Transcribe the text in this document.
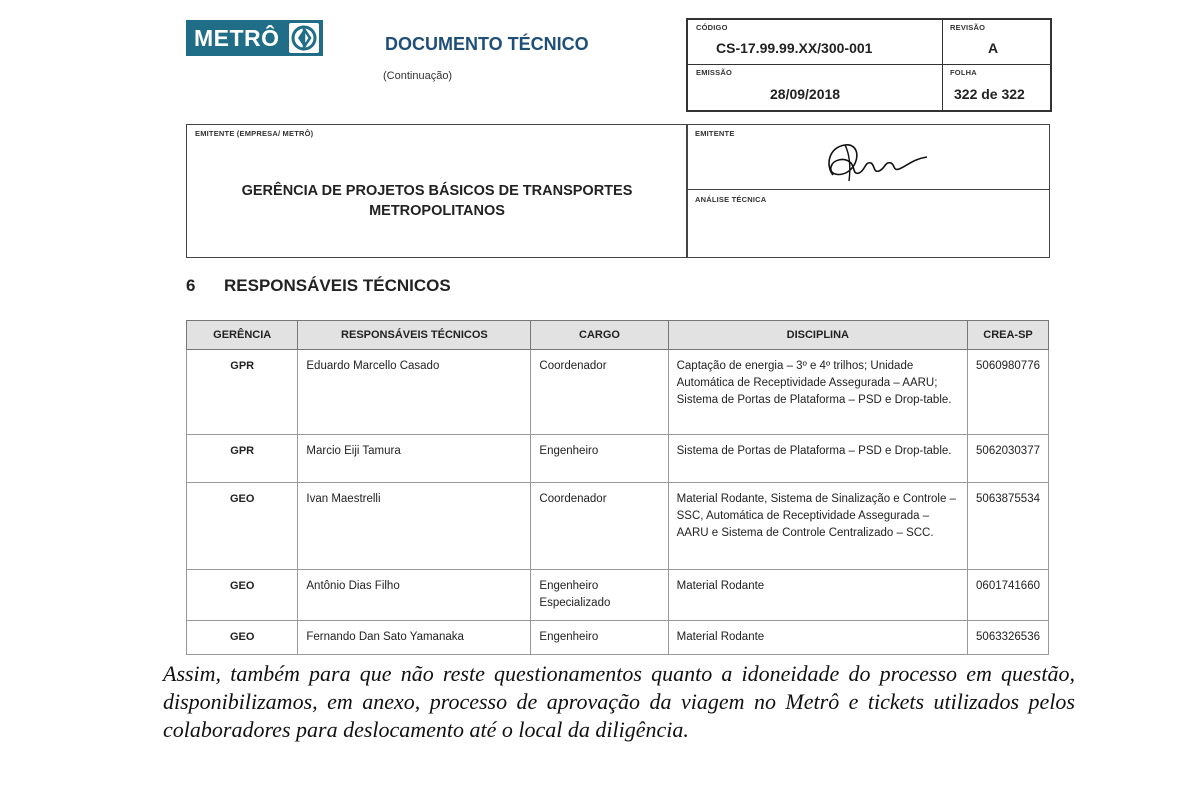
METRÔ	DOCUMENTO TÉCNICO
(Continuação)
CÓDIGO
CS-17.99.99.XX/300-001
REVISÃO
A
EMISSÃO
28/09/2018
FOLHA
322 de 322
EMITENTE (EMPRESA/ METRÔ)
GERÊNCIA DE PROJETOS BÁSICOS DE TRANSPORTES
METROPOLITANOS
EMITENTE
ANÁLISE TÉCNICA
6 RESPONSÁVEIS TÉCNICOS
GERÊNCIA	RESPONSÁVEIS TÉCNICOS	CARGO	DISCIPLINA	CREA-SP
GPR	Eduardo Marcello Casado	Coordenador	Captação de energia – 3º e 4º trilhos; Unidade Automática de Receptividade Assegurada – AARU; Sistema de Portas de Plataforma – PSD e Drop-table.	5060980776
GPR	Marcio Eiji Tamura	Engenheiro	Sistema de Portas de Plataforma – PSD e Drop-table.	5062030377
GEO	Ivan Maestrelli	Coordenador	Material Rodante, Sistema de Sinalização e Controle – SSC, Automática de Receptividade Assegurada – AARU e Sistema de Controle Centralizado – SCC.	5063875534
GEO	Antônio Dias Filho	Engenheiro Especializado	Material Rodante	0601741660
GEO	Fernando Dan Sato Yamanaka	Engenheiro	Material Rodante	5063326536
Assim, também para que não reste questionamentos quanto a idoneidade do processo em questão, disponibilizamos, em anexo, processo de aprovação da viagem no Metrô e tickets utilizados pelos colaboradores para deslocamento até o local da diligência.
